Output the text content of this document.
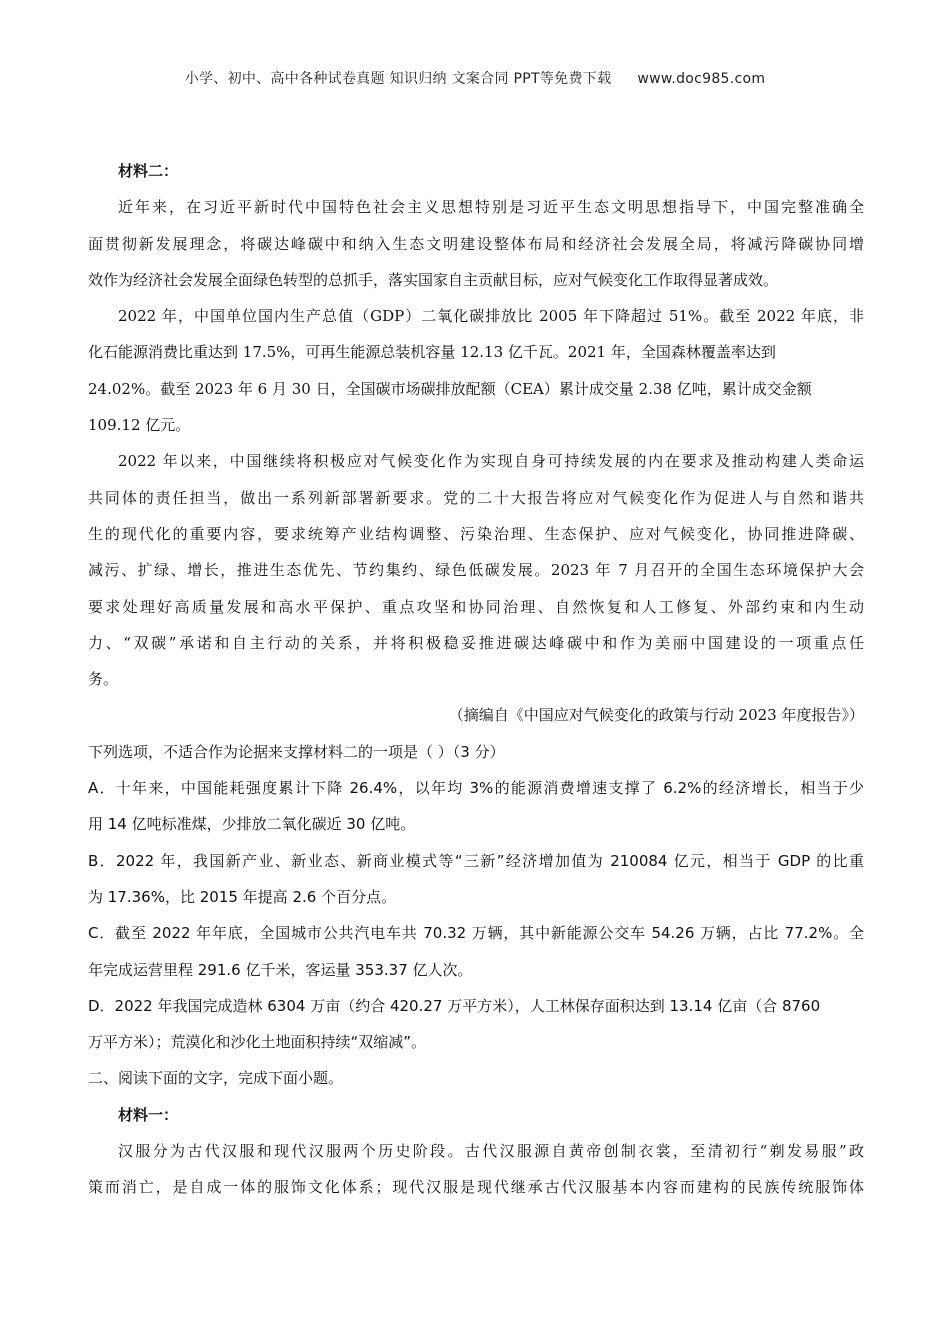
小学、初中、高中各种试卷真题 知识归纳 文案合同 PPT等免费下载 www.doc985.com
材料二：
近年来，在习近平新时代中国特色社会主义思想特别是习近平生态文明思想指导下，中国完整准确全
面贯彻新发展理念，将碳达峰碳中和纳入生态文明建设整体布局和经济社会发展全局，将减污降碳协同增
效作为经济社会发展全面绿色转型的总抓手，落实国家自主贡献目标，应对气候变化工作取得显著成效。
2022 年，中国单位国内生产总值（GDP）二氧化碳排放比 2005 年下降超过 51%。截至 2022 年底，非
化石能源消费比重达到 17.5%，可再生能源总装机容量 12.13 亿千瓦。2021 年，全国森林覆盖率达到
24.02%。截至 2023 年 6 月 30 日，全国碳市场碳排放配额（CEA）累计成交量 2.38 亿吨，累计成交金额
109.12 亿元。
2022 年以来，中国继续将积极应对气候变化作为实现自身可持续发展的内在要求及推动构建人类命运
共同体的责任担当，做出一系列新部署新要求。党的二十大报告将应对气候变化作为促进人与自然和谐共
生的现代化的重要内容，要求统筹产业结构调整、污染治理、生态保护、应对气候变化，协同推进降碳、
减污、扩绿、增长，推进生态优先、节约集约、绿色低碳发展。2023 年 7 月召开的全国生态环境保护大会
要求处理好高质量发展和高水平保护、重点攻坚和协同治理、自然恢复和人工修复、外部约束和内生动
力、“双碳”承诺和自主行动的关系，并将积极稳妥推进碳达峰碳中和作为美丽中国建设的一项重点任
务。
（摘编自《中国应对气候变化的政策与行动 2023 年度报告》）
下列选项，不适合作为论据来支撑材料二的一项是（ ）（3 分）
A．十年来，中国能耗强度累计下降 26.4%，以年均 3%的能源消费增速支撑了 6.2%的经济增长，相当于少
用 14 亿吨标准煤，少排放二氧化碳近 30 亿吨。
B．2022 年，我国新产业、新业态、新商业模式等“三新”经济增加值为 210084 亿元，相当于 GDP 的比重
为 17.36%，比 2015 年提高 2.6 个百分点。
C．截至 2022 年年底，全国城市公共汽电车共 70.32 万辆，其中新能源公交车 54.26 万辆，占比 77.2%。全
年完成运营里程 291.6 亿千米，客运量 353.37 亿人次。
D．2022 年我国完成造林 6304 万亩（约合 420.27 万平方米），人工林保存面积达到 13.14 亿亩（合 8760
万平方米）；荒漠化和沙化土地面积持续“双缩减”。
二、阅读下面的文字，完成下面小题。
材料一：
汉服分为古代汉服和现代汉服两个历史阶段。古代汉服源自黄帝创制衣裳，至清初行“剃发易服”政
策而消亡，是自成一体的服饰文化体系；现代汉服是现代继承古代汉服基本内容而建构的民族传统服饰体
